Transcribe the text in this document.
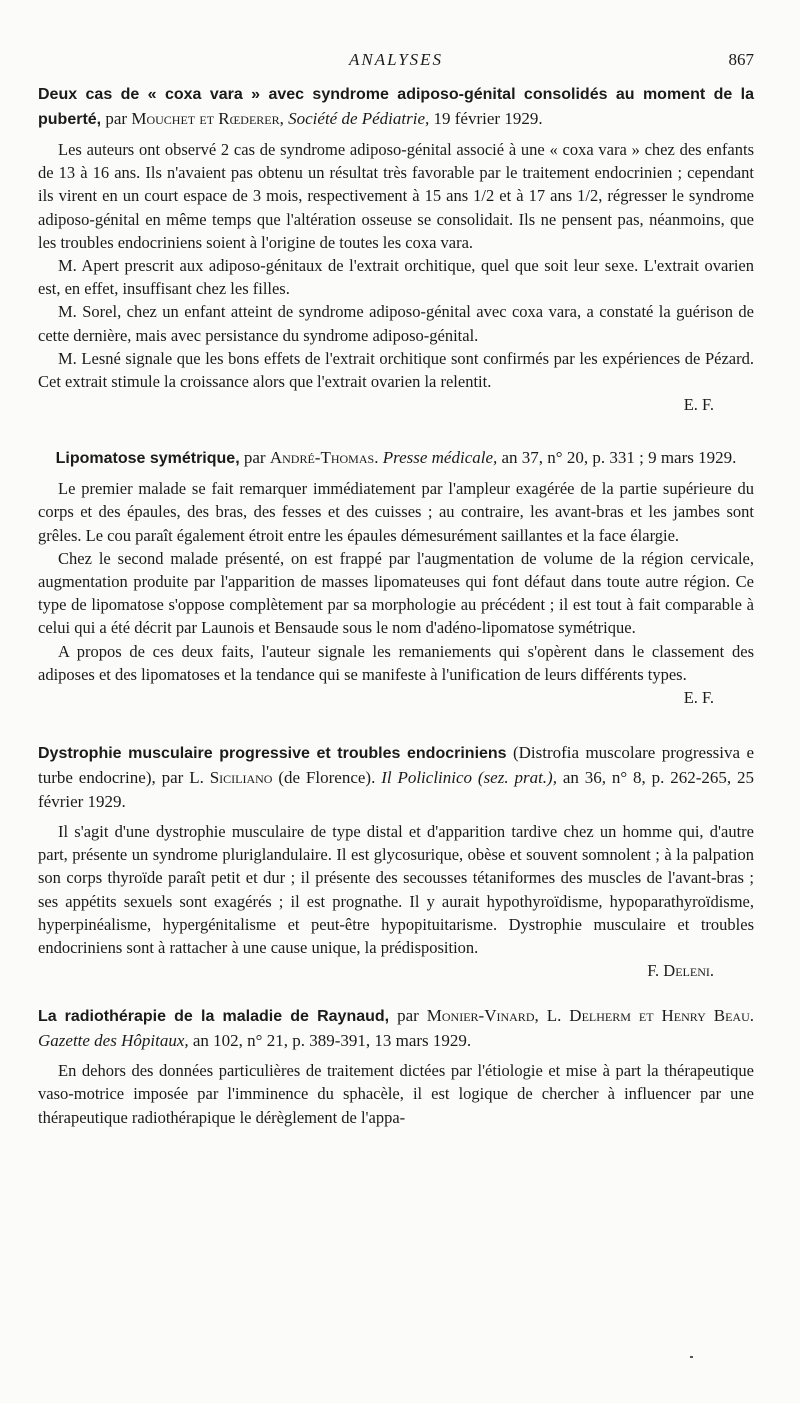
ANALYSES	867
Deux cas de « coxa vara » avec syndrome adiposo-génital consolidés au moment de la puberté, par Mouchet et Rœderer, Société de Pédiatrie, 19 février 1929.

Les auteurs ont observé 2 cas de syndrome adiposo-génital associé à une « coxa vara » chez des enfants de 13 à 16 ans. Ils n'avaient pas obtenu un résultat très favorable par le traitement endocrinien ; cependant ils virent en un court espace de 3 mois, respectivement à 15 ans 1/2 et à 17 ans 1/2, régresser le syndrome adiposo-génital en même temps que l'altération osseuse se consolidait. Ils ne pensent pas, néanmoins, que les troubles endocriniens soient à l'origine de toutes les coxa vara.

M. Apert prescrit aux adiposo-génitaux de l'extrait orchitique, quel que soit leur sexe. L'extrait ovarien est, en effet, insuffisant chez les filles.

M. Sorel, chez un enfant atteint de syndrome adiposo-génital avec coxa vara, a constaté la guérison de cette dernière, mais avec persistance du syndrome adiposo-génital.

M. Lesné signale que les bons effets de l'extrait orchitique sont confirmés par les expériences de Pézard. Cet extrait stimule la croissance alors que l'extrait ovarien la relentit.

E. F.
Lipomatose symétrique, par André-Thomas. Presse médicale, an 37, n° 20, p. 331 ; 9 mars 1929.

Le premier malade se fait remarquer immédiatement par l'ampleur exagérée de la partie supérieure du corps et des épaules, des bras, des fesses et des cuisses ; au contraire, les avant-bras et les jambes sont grêles. Le cou paraît également étroit entre les épaules démesurément saillantes et la face élargie.

Chez le second malade présenté, on est frappé par l'augmentation de volume de la région cervicale, augmentation produite par l'apparition de masses lipomateuses qui font défaut dans toute autre région. Ce type de lipomatose s'oppose complètement par sa morphologie au précédent ; il est tout à fait comparable à celui qui a été décrit par Launois et Bensaude sous le nom d'adéno-lipomatose symétrique.

A propos de ces deux faits, l'auteur signale les remaniements qui s'opèrent dans le classement des adiposes et des lipomatoses et la tendance qui se manifeste à l'unification de leurs différents types.

E. F.
Dystrophie musculaire progressive et troubles endocriniens (Distrofia muscolare progressiva e turbe endocrine), par L. Siciliano (de Florence). Il Policlinico (sez. prat.), an 36, n° 8, p. 262-265, 25 février 1929.

Il s'agit d'une dystrophie musculaire de type distal et d'apparition tardive chez un homme qui, d'autre part, présente un syndrome pluriglandulaire. Il est glycosurique, obèse et souvent somnolent ; à la palpation son corps thyroïde paraît petit et dur ; il présente des secousses tétaniformes des muscles de l'avant-bras ; ses appétits sexuels sont exagérés ; il est prognathe. Il y aurait hypothyroïdisme, hypoparathyroïdisme, hyperpinéalisme, hypergénitalisme et peut-être hypopituitarisme. Dystrophie musculaire et troubles endocriniens sont à rattacher à une cause unique, la prédisposition.

F. Deleni.
La radiothérapie de la maladie de Raynaud, par Monier-Vinard, L. Delherm et Henry Beau. Gazette des Hôpitaux, an 102, n° 21, p. 389-391, 13 mars 1929.

En dehors des données particulières de traitement dictées par l'étiologie et mise à part la thérapeutique vaso-motrice imposée par l'imminence du sphacèle, il est logique de chercher à influencer par une thérapeutique radiothérapique le dérèglement de l'appa-
